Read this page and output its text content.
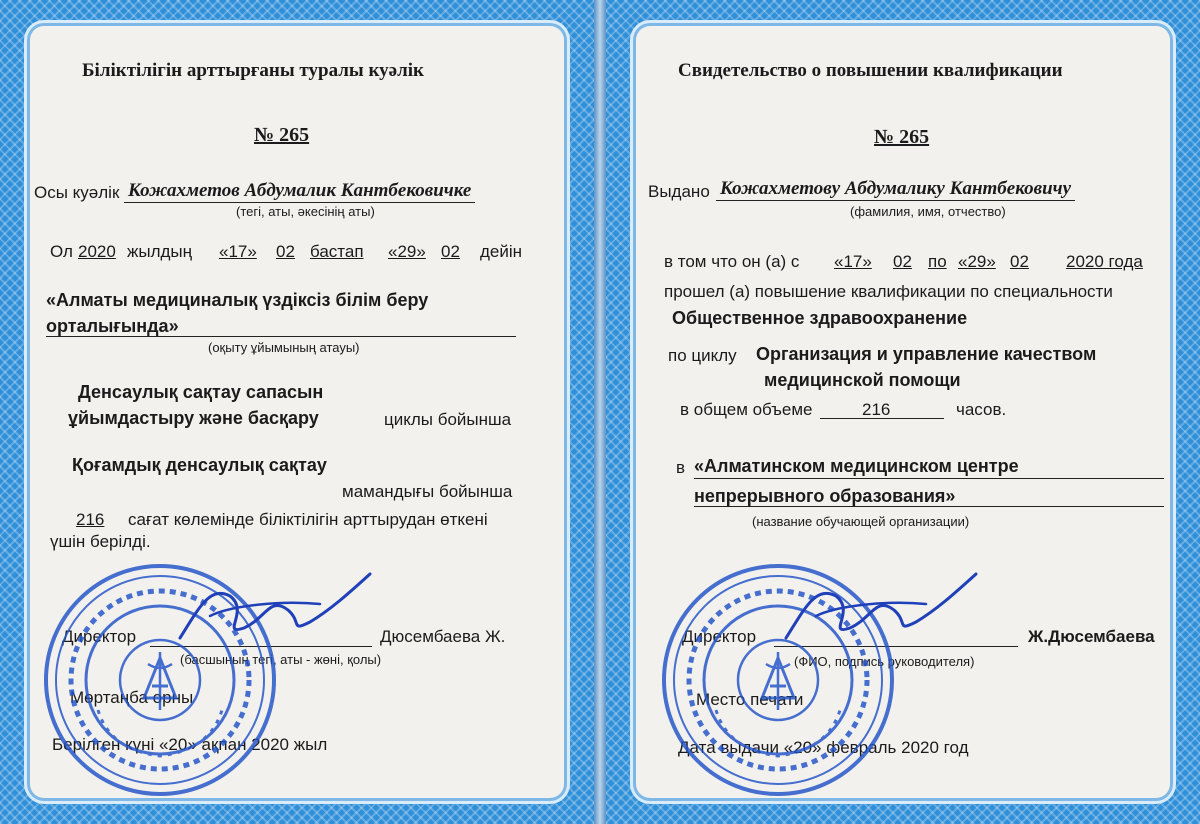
Біліктілігін арттырғаны туралы куәлік
№ 265
Осы куәлік Кожахметов Абдумалик Кантбековичке
(тегі, аты, әкесінің аты)
Ол 2020 жылдың «17» 02 бастап «29» 02 дейін
«Алматы медициналық үздіксіз білім беру
орталығында»
(оқыту ұйымының атауы)
Денсаулық сақтау сапасын
ұйымдастыру және басқару	циклы бойынша
Қоғамдық денсаулық сақтау
мамандығы бойынша
216	сағат көлемінде біліктілігін арттырудан өткені
үшін берілді.
Директор	Дюсембаева Ж.
(басшының тегі, аты - жөні, қолы)
Мөртаңба орны
Берілген күні «20» ақпан 2020 жыл
Свидетельство о повышении квалификации
№ 265
Выдано Кожахметову Абдумалику Кантбековичу
(фамилия, имя, отчество)
в том что он (а) с «17» 02 по «29» 02 2020 года
прошел (а) повышение квалификации по специальности
Общественное здравоохранение
по циклу Организация и управление качеством
медицинской помощи
в общем объеме	216	часов.
в «Алматинском медицинском центре
непрерывного образования»
(название обучающей организации)
Директор	Ж.Дюсембаева
(ФИО, подпись руководителя)
Место печати
Дата выдачи «20» февраль 2020 год
